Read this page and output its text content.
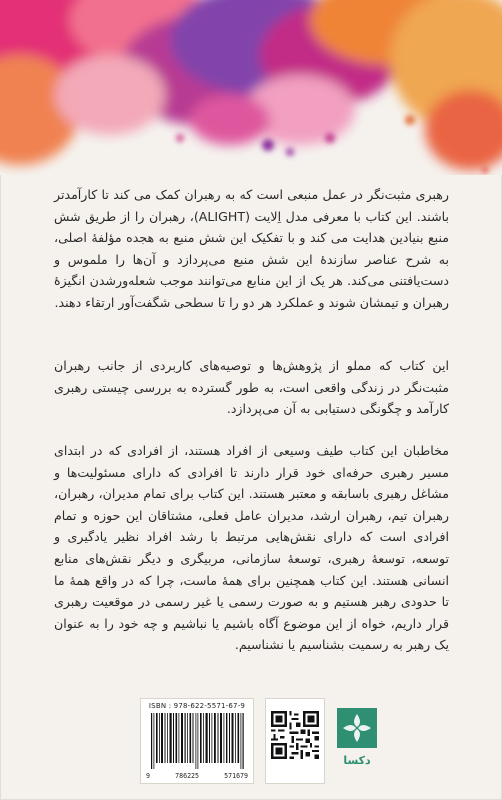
رهبری مثبت‌نگر در عمل منبعی است که به رهبران کمک می کند تا کارآمدتر باشند. این کتاب با معرفی مدل اِلایت (ALIGHT)، رهبران را از طریق شش منبع بنیادین هدایت می کند و با تفکیک این شش منبع به هجده مؤلفهٔ اصلی، به شرح عناصر سازندهٔ این شش منبع می‌پردازد و آن‌ها را ملموس و دست‌یافتنی می‌کند. هر یک از این منابع می‌توانند موجب شعله‌ورشدن انگیزهٔ رهبران و تیمشان شوند و عملکرد هر دو را تا سطحی شگفت‌آور ارتقاء دهند.

این کتاب که مملو از پژوهش‌ها و توصیه‌های کاربردی از جانب رهبران مثبت‌نگر در زندگی واقعی است، به طور گسترده به بررسی چیستی رهبری کارآمد و چگونگی دستیابی به آن می‌پردازد.

مخاطبان این کتاب طیف وسیعی از افراد هستند، از افرادی که در ابتدای مسیر رهبری حرفه‌ای خود قرار دارند تا افرادی که دارای مسئولیت‌ها و مشاغل رهبری باسابقه و معتبر هستند. این کتاب برای تمام مدیران، رهبران، رهبران تیم، رهبران ارشد، مدیران عامل فعلی، مشتاقان این حوزه و تمام افرادی است که دارای نقش‌هایی مرتبط با رشد افراد نظیر یادگیری و توسعه، توسعهٔ رهبری، توسعهٔ سازمانی، مربیگری و دیگر نقش‌های منابع انسانی هستند. این کتاب همچنین برای همهٔ ماست، چرا که در واقع همهٔ ما تا حدودی رهبر هستیم و به صورت رسمی یا غیر رسمی در موقعیت رهبری قرار داریم، خواه از این موضوع آگاه باشیم یا نباشیم و چه خود را به عنوان یک رهبر به رسمیت بشناسیم یا نشناسیم.

ISBN : 978-622-5571-67-9
9	786225	571679
دکسا
